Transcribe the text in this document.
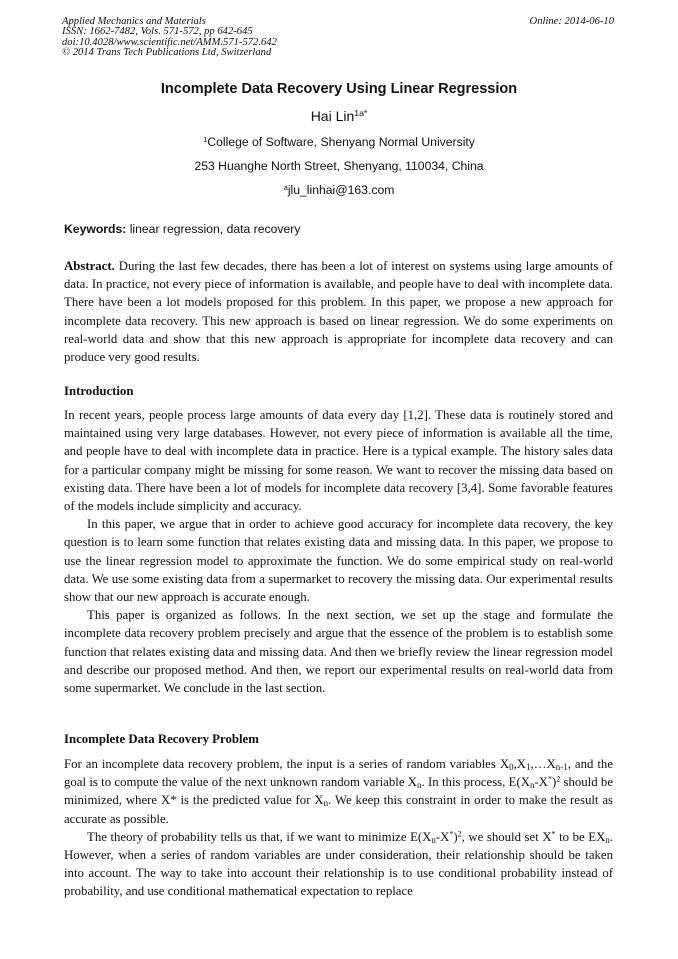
Applied Mechanics and Materials
ISSN: 1662-7482, Vols. 571-572, pp 642-645
doi:10.4028/www.scientific.net/AMM.571-572.642
© 2014 Trans Tech Publications Ltd, Switzerland
Online: 2014-06-10
Incomplete Data Recovery Using Linear Regression
Hai Lin$^{1a*}$
$^1$College of Software, Shenyang Normal University
253 Huanghe North Street, Shenyang, 110034, China
$^a$jlu_linhai@163.com
Keywords: linear regression, data recovery

Abstract. During the last few decades, there has been a lot of interest on systems using large amounts of data. In practice, not every piece of information is available, and people have to deal with incomplete data. There have been a lot models proposed for this problem. In this paper, we propose a new approach for incomplete data recovery. This new approach is based on linear regression. We do some experiments on real-world data and show that this new approach is appropriate for incomplete data recovery and can produce very good results.

Introduction

In recent years, people process large amounts of data every day [1,2]. These data is routinely stored and maintained using very large databases. However, not every piece of information is available all the time, and people have to deal with incomplete data in practice. Here is a typical example. The history sales data for a particular company might be missing for some reason. We want to recover the missing data based on existing data. There have been a lot of models for incomplete data recovery [3,4]. Some favorable features of the models include simplicity and accuracy.

In this paper, we argue that in order to achieve good accuracy for incomplete data recovery, the key question is to learn some function that relates existing data and missing data. In this paper, we propose to use the linear regression model to approximate the function. We do some empirical study on real-world data. We use some existing data from a supermarket to recovery the missing data. Our experimental results show that our new approach is accurate enough.

This paper is organized as follows. In the next section, we set up the stage and formulate the incomplete data recovery problem precisely and argue that the essence of the problem is to establish some function that relates existing data and missing data. And then we briefly review the linear regression model and describe our proposed method. And then, we report our experimental results on real-world data from some supermarket. We conclude in the last section.

Incomplete Data Recovery Problem

For an incomplete data recovery problem, the input is a series of random variables $X_0,X_1,\dots X_{n-1}$, and the goal is to compute the value of the next unknown random variable $X_n$. In this process, $E(X_n-X^*)^2$ should be minimized, where X* is the predicted value for $X_n$. We keep this constraint in order to make the result as accurate as possible.

The theory of probability tells us that, if we want to minimize $E(X_n-X^*)^2$, we should set X* to be $EX_n$. However, when a series of random variables are under consideration, their relationship should be taken into account. The way to take into account their relationship is to use conditional probability instead of probability, and use conditional mathematical expectation to replace
